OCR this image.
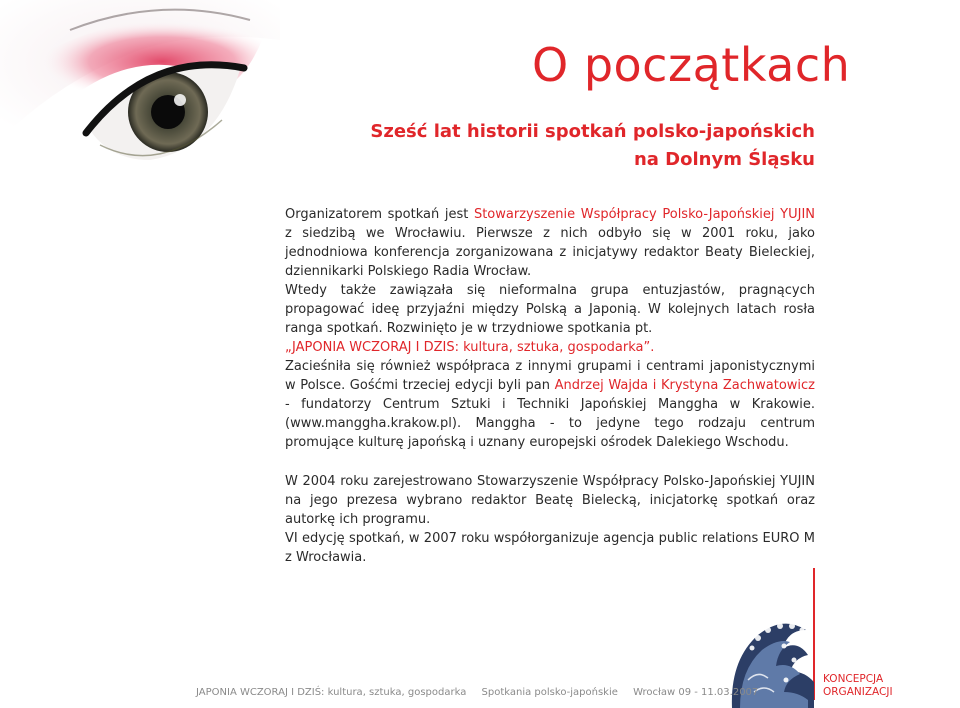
O początkach
Sześć lat historii spotkań polsko-japońskich
na Dolnym Śląsku

Organizatorem spotkań jest Stowarzyszenie Współpracy Polsko-Japońskiej YUJIN z siedzibą we Wrocławiu. Pierwsze z nich odbyło się w 2001 roku, jako jednodniowa konferencja zorganizowana z inicjatywy redaktor Beaty Bieleckiej, dziennikarki Polskiego Radia Wrocław.

Wtedy także zawiązała się nieformalna grupa entuzjastów, pragnących propagować ideę przyjaźni między Polską a Japonią. W kolejnych latach rosła ranga spotkań. Rozwinięto je w trzydniowe spotkania pt.

„JAPONIA WCZORAJ I DZIS: kultura, sztuka, gospodarka”.

Zacieśniła się również współpraca z innymi grupami i centrami japonistycznymi w Polsce. Gośćmi trzeciej edycji byli pan Andrzej Wajda i Krystyna Zachwatowicz - fundatorzy Centrum Sztuki i Techniki Japońskiej Manggha w Krakowie. (www.manggha.krakow.pl). Manggha - to jedyne tego rodzaju centrum promujące kulturę japońską i uznany europejski ośrodek Dalekiego Wschodu.

W 2004 roku zarejestrowano Stowarzyszenie Współpracy Polsko-Japońskiej YUJIN na jego prezesa wybrano redaktor Beatę Bielecką, inicjatorkę spotkań oraz autorkę ich programu.

VI edycję spotkań, w 2007 roku współorganizuje agencja public relations EURO M z Wrocławia.

KONCEPCJA
ORGANIZACJI

JAPONIA WCZORAJ I DZIŚ: kultura, sztuka, gospodarka Spotkania polsko-japońskie Wrocław 09 - 11.03.2007
